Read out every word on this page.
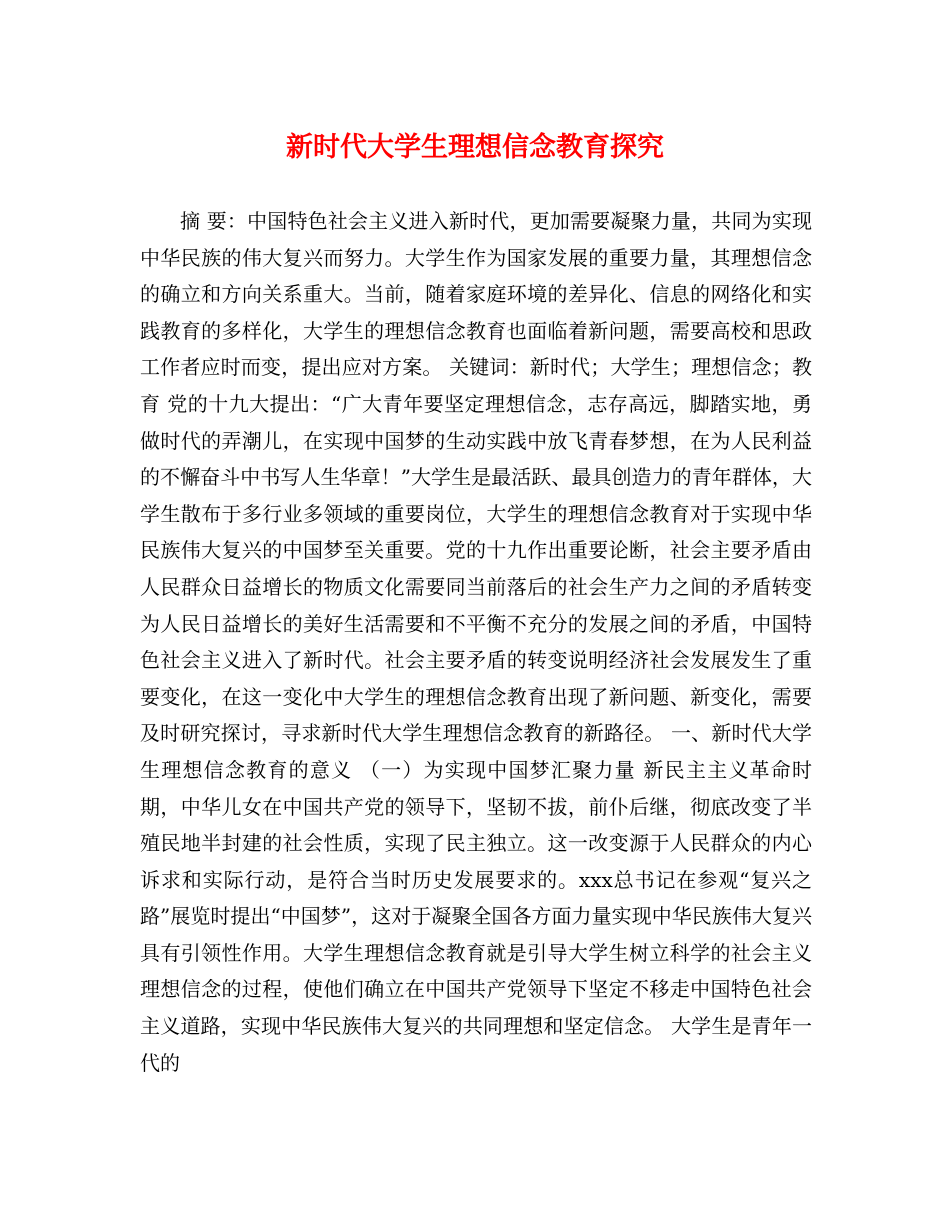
新时代大学生理想信念教育探究

摘 要：中国特色社会主义进入新时代，更加需要凝聚力量，共同为实现中华民族的伟大复兴而努力。大学生作为国家发展的重要力量，其理想信念的确立和方向关系重大。当前，随着家庭环境的差异化、信息的网络化和实践教育的多样化，大学生的理想信念教育也面临着新问题，需要高校和思政工作者应时而变，提出应对方案。 关键词：新时代；大学生；理想信念；教育 党的十九大提出：“广大青年要坚定理想信念，志存高远，脚踏实地，勇做时代的弄潮儿，在实现中国梦的生动实践中放飞青春梦想，在为人民利益的不懈奋斗中书写人生华章！”大学生是最活跃、最具创造力的青年群体，大学生散布于多行业多领域的重要岗位，大学生的理想信念教育对于实现中华民族伟大复兴的中国梦至关重要。党的十九作出重要论断，社会主要矛盾由人民群众日益增长的物质文化需要同当前落后的社会生产力之间的矛盾转变为人民日益增长的美好生活需要和不平衡不充分的发展之间的矛盾，中国特色社会主义进入了新时代。社会主要矛盾的转变说明经济社会发展发生了重要变化，在这一变化中大学生的理想信念教育出现了新问题、新变化，需要及时研究探讨，寻求新时代大学生理想信念教育的新路径。 一、新时代大学生理想信念教育的意义 （一）为实现中国梦汇聚力量 新民主主义革命时期，中华儿女在中国共产党的领导下，坚韧不拔，前仆后继，彻底改变了半殖民地半封建的社会性质，实现了民主独立。这一改变源于人民群众的内心诉求和实际行动，是符合当时历史发展要求的。xxx总书记在参观“复兴之路”展览时提出“中国梦”，这对于凝聚全国各方面力量实现中华民族伟大复兴具有引领性作用。大学生理想信念教育就是引导大学生树立科学的社会主义理想信念的过程，使他们确立在中国共产党领导下坚定不移走中国特色社会主义道路，实现中华民族伟大复兴的共同理想和坚定信念。 大学生是青年一代的
